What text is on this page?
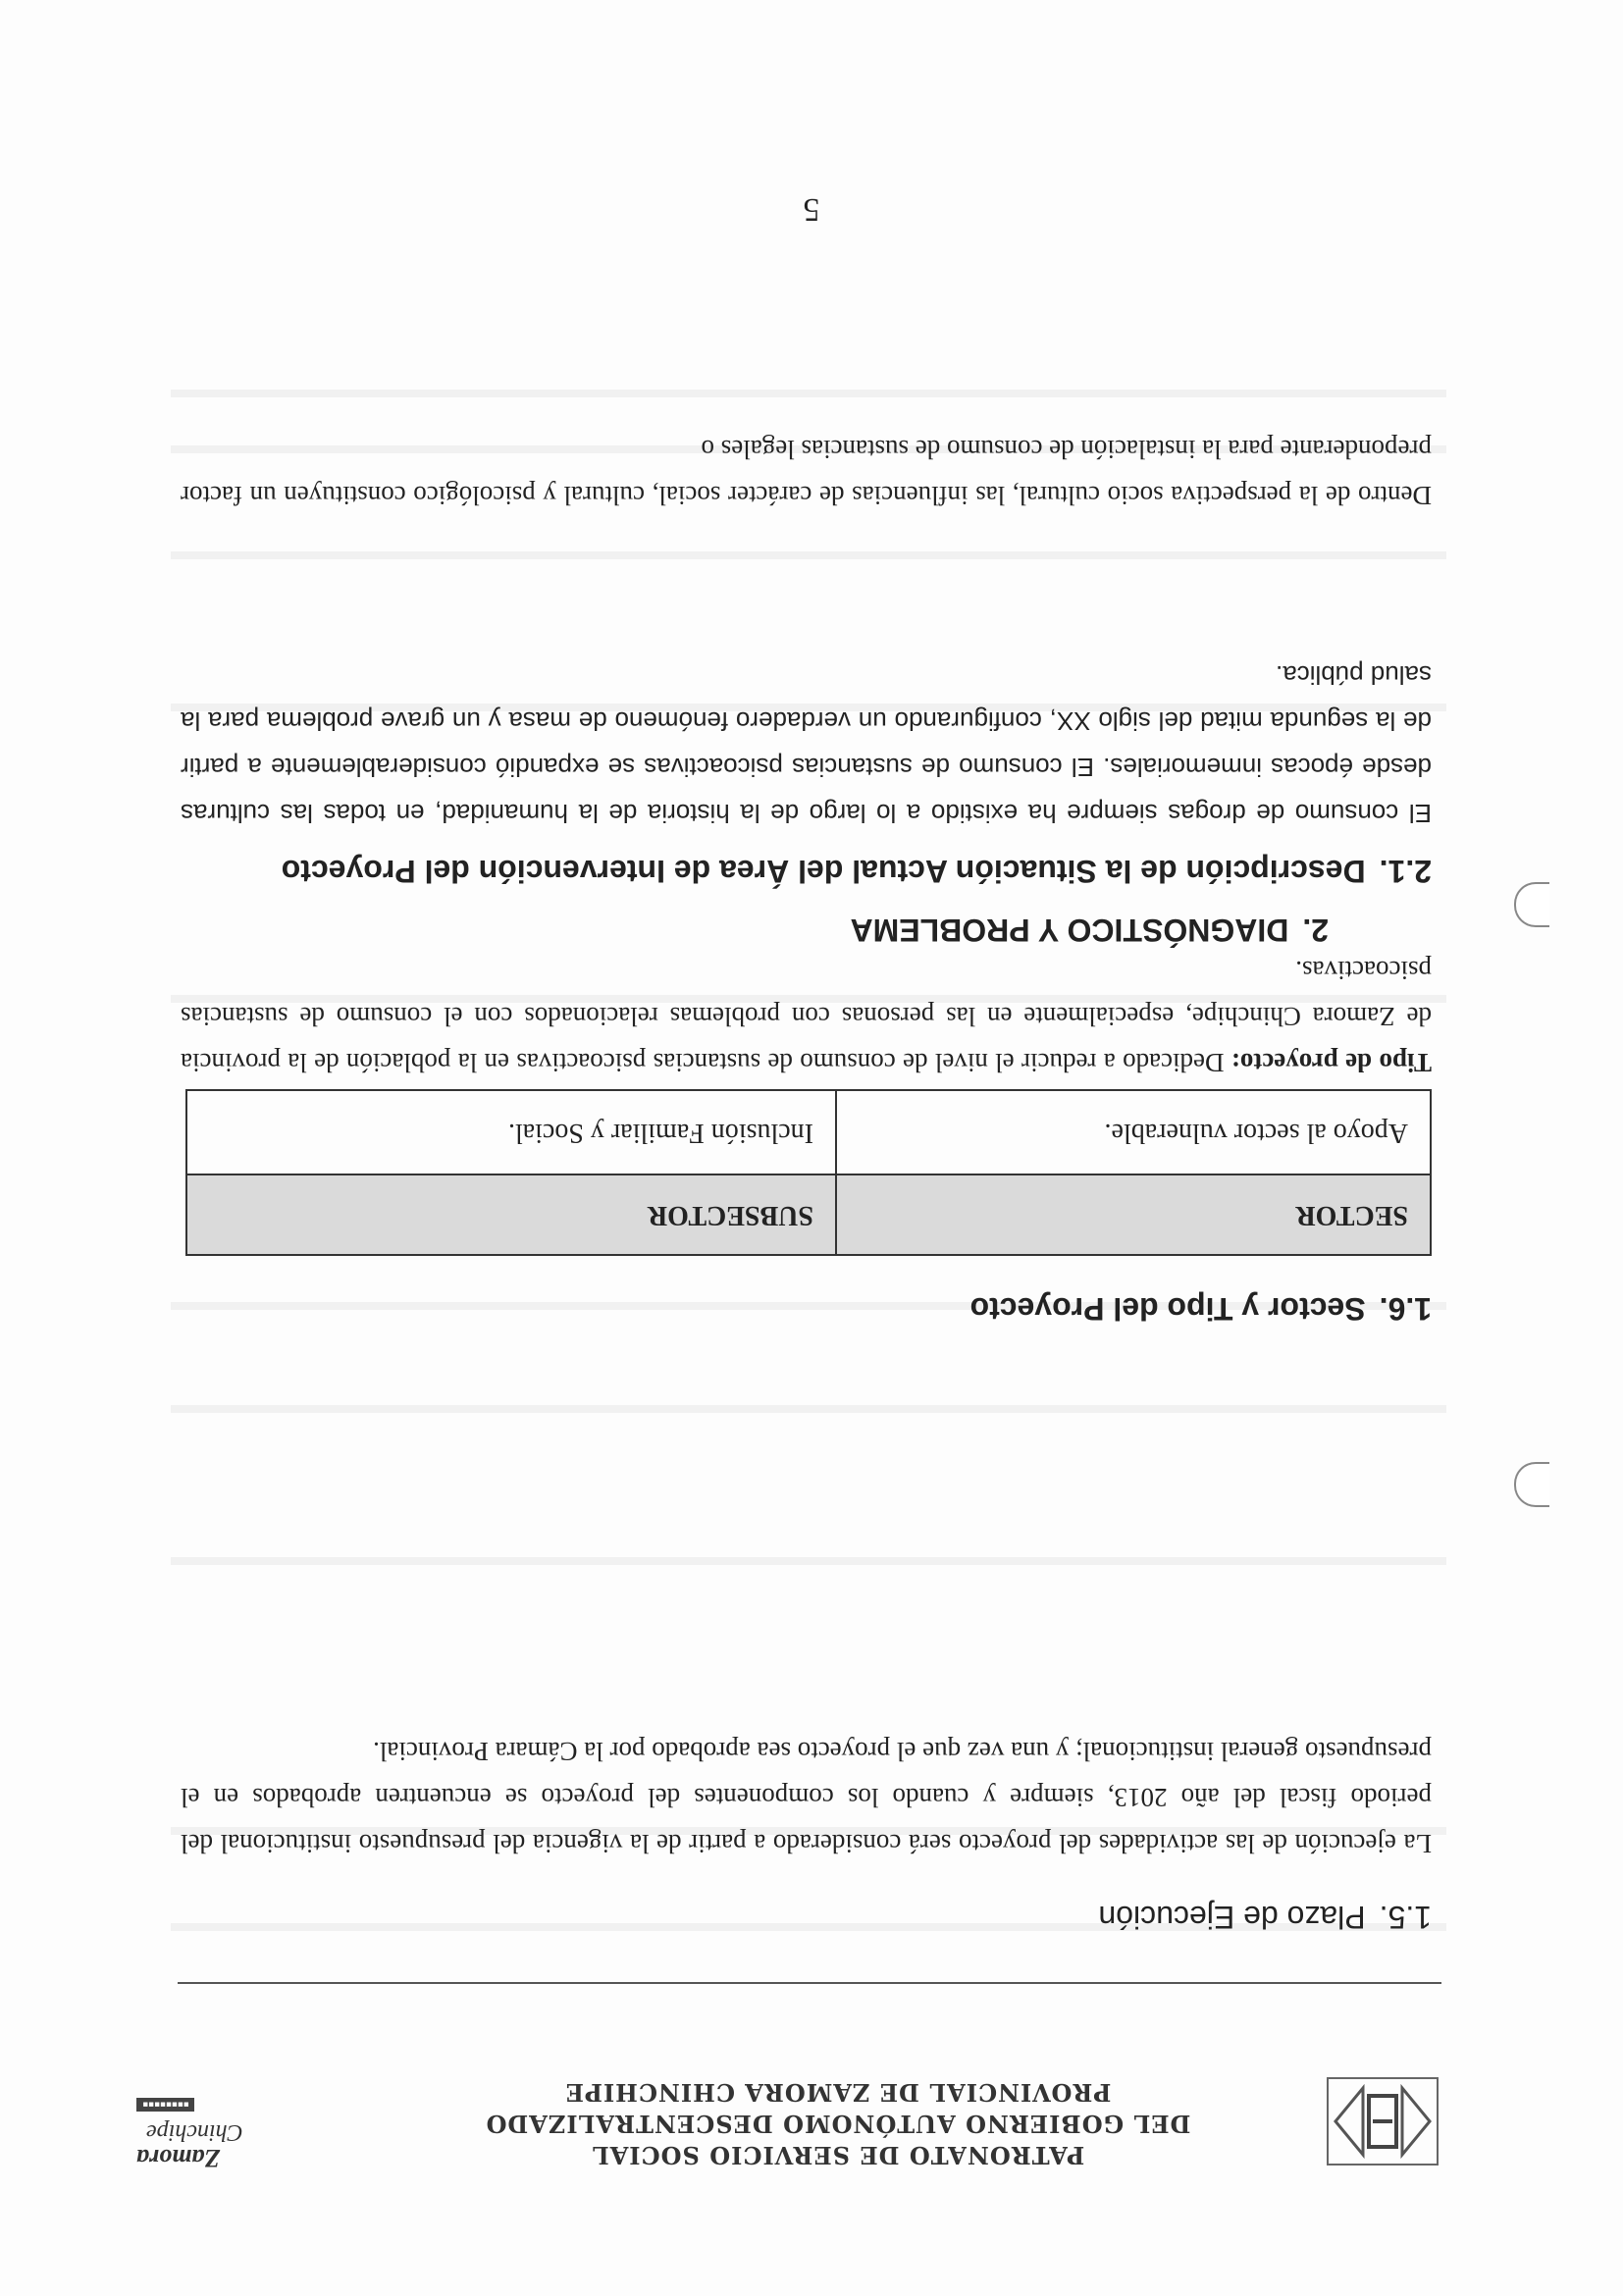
PATRONATO DE SERVICIO SOCIAL
DEL GOBIERNO AUTÓNOMO DESCENTRALIZADO
PROVINCIAL DE ZAMORA CHINCHIPE
Zamora
Chinchipe
■■■■■■■■
1.5.Plazo de Ejecución
La ejecución de las actividades del proyecto será considerado a partir de la vigencia del presupuesto institucional del periodo fiscal del año 2013, siempre y cuando los componentes del proyecto se encuentren aprobados en el presupuesto general institucional; y una vez que el proyecto sea aprobado por la Cámara Provincial.
1.6.Sector y Tipo del Proyecto
SECTOR	SUBSECTOR
Apoyo al sector vulnerable.	Inclusión Familiar y Social.
Tipo de proyecto: Dedicado a reducir el nivel de consumo de sustancias psicoactivas en la población de la provincia de Zamora Chinchipe, especialmente en las personas con problemas relacionados con el consumo de sustancias psicoactivas.
2.DIAGNÓSTICO Y PROBLEMA
2.1.Descripción de la Situación Actual del Área de Intervención del Proyecto
El consumo de drogas siempre ha existido a lo largo de la historia de la humanidad, en todas las culturas desde épocas inmemoriales. El consumo de sustancias psicoactivas se expandió considerablemente a partir de la segunda mitad del siglo XX, configurando un verdadero fenómeno de masa y un grave problema para la salud pública.
Dentro de la perspectiva socio cultural, las influencias de carácter social, cultural y psicológico constituyen un factor preponderante para la instalación de consumo de sustancias legales o
5
